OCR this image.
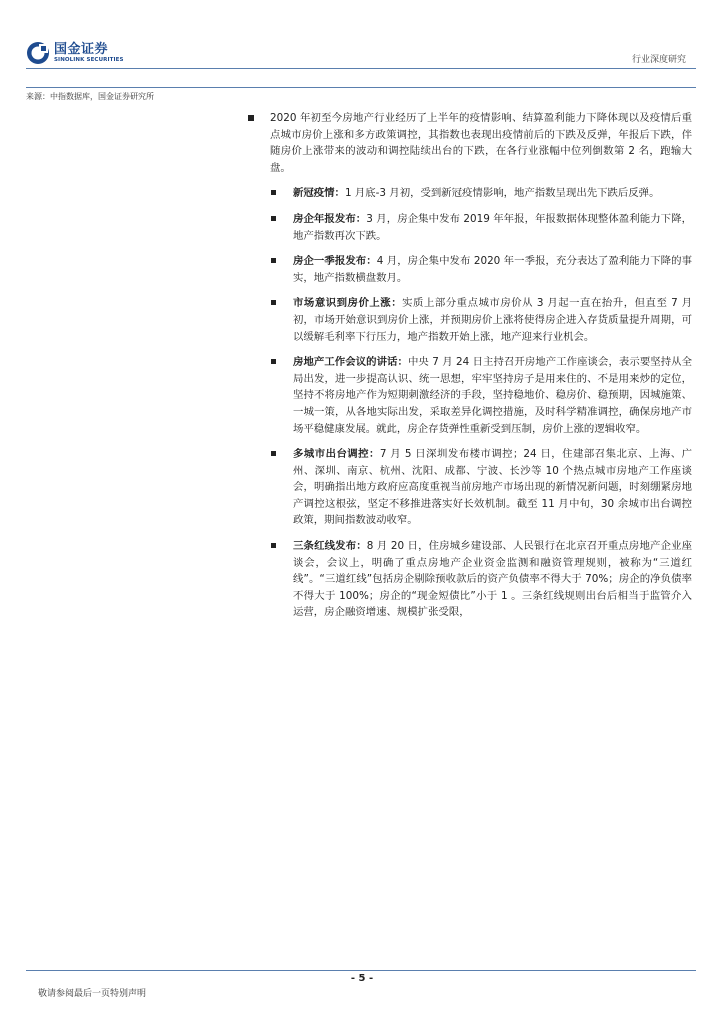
国金证券
SINOLINK SECURITIES	行业深度研究
来源：中指数据库，国金证券研究所

2020 年初至今房地产行业经历了上半年的疫情影响、结算盈利能力下降体现以及疫情后重点城市房价上涨和多方政策调控，其指数也表现出疫情前后的下跌及反弹，年报后下跌，伴随房价上涨带来的波动和调控陆续出台的下跌，在各行业涨幅中位列倒数第 2 名，跑输大盘。

新冠疫情：1 月底-3 月初，受到新冠疫情影响，地产指数呈现出先下跌后反弹。
房企年报发布：3 月，房企集中发布 2019 年年报，年报数据体现整体盈利能力下降，地产指数再次下跌。
房企一季报发布：4 月，房企集中发布 2020 年一季报，充分表达了盈利能力下降的事实，地产指数横盘数月。
市场意识到房价上涨：实质上部分重点城市房价从 3 月起一直在抬升，但直至 7 月初，市场开始意识到房价上涨，并预期房价上涨将使得房企进入存货质量提升周期，可以缓解毛利率下行压力，地产指数开始上涨，地产迎来行业机会。
房地产工作会议的讲话：中央 7 月 24 日主持召开房地产工作座谈会，表示要坚持从全局出发，进一步提高认识、统一思想，牢牢坚持房子是用来住的、不是用来炒的定位，坚持不将房地产作为短期刺激经济的手段，坚持稳地价、稳房价、稳预期，因城施策、一城一策，从各地实际出发，采取差异化调控措施，及时科学精准调控，确保房地产市场平稳健康发展。就此，房企存货弹性重新受到压制，房价上涨的逻辑收窄。
多城市出台调控：7 月 5 日深圳发布楼市调控；24 日，住建部召集北京、上海、广州、深圳、南京、杭州、沈阳、成都、宁波、长沙等 10 个热点城市房地产工作座谈会，明确指出地方政府应高度重视当前房地产市场出现的新情况新问题，时刻绷紧房地产调控这根弦，坚定不移推进落实好长效机制。截至 11 月中旬，30 余城市出台调控政策，期间指数波动收窄。
三条红线发布：8 月 20 日，住房城乡建设部、人民银行在北京召开重点房地产企业座谈会，会议上，明确了重点房地产企业资金监测和融资管理规则，被称为“三道红线”。“三道红线”包括房企剔除预收款后的资产负债率不得大于 70%；房企的净负债率不得大于 100%；房企的“现金短债比”小于 1 。三条红线规则出台后相当于监管介入运营，房企融资增速、规模扩张受限，
- 5 -
敬请参阅最后一页特别声明
